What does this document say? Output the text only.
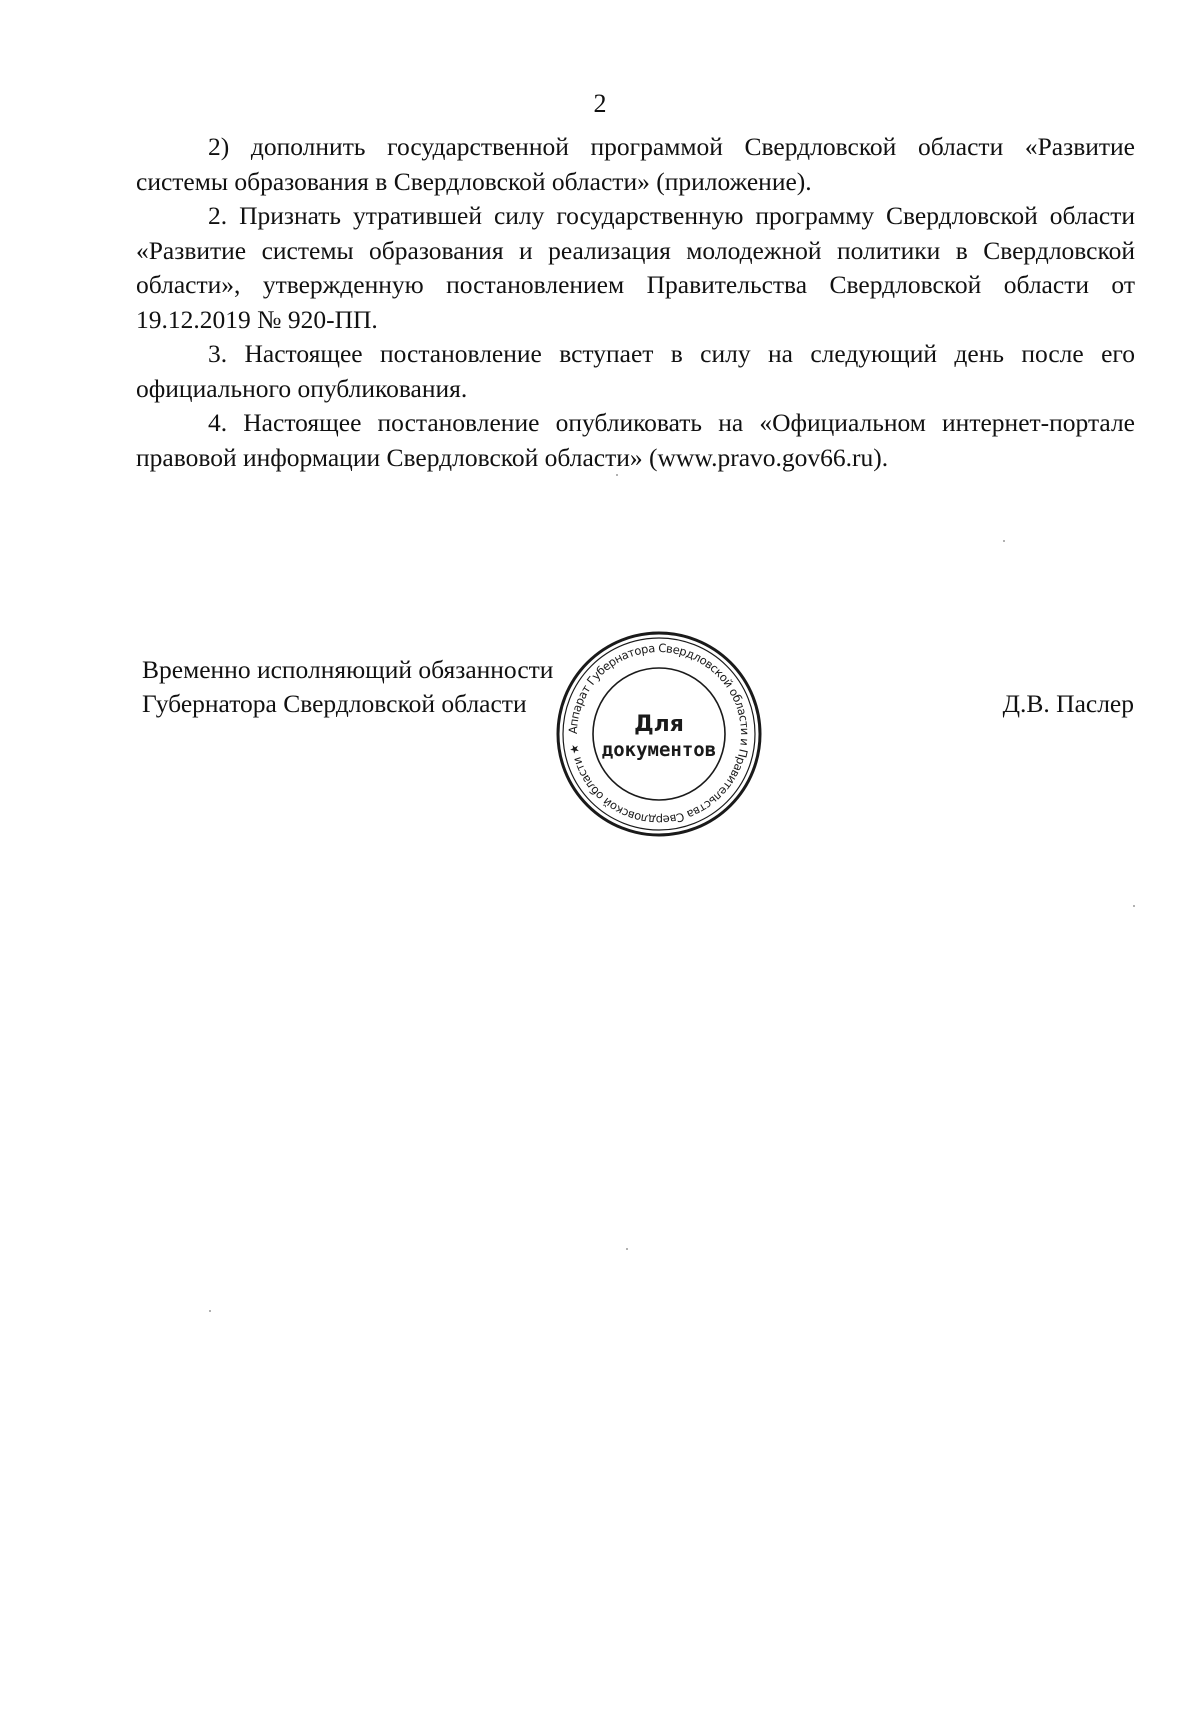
2

2) дополнить государственной программой Свердловской области «Развитие системы образования в Свердловской области» (приложение).

2. Признать утратившей силу государственную программу Свердловской области «Развитие системы образования и реализация молодежной политики в Свердловской области», утвержденную постановлением Правительства Свердловской области от 19.12.2019 № 920-ПП.

3. Настоящее постановление вступает в силу на следующий день после его официального опубликования.

4. Настоящее постановление опубликовать на «Официальном интернет-портале правовой информации Свердловской области» (www.pravo.gov66.ru).

Временно исполняющий обязанности
Губернатора Свердловской области	Д.В. Паслер
Аппарат Губернатора Свердловской области и Правительства Свердловской области ★
Для
документов
